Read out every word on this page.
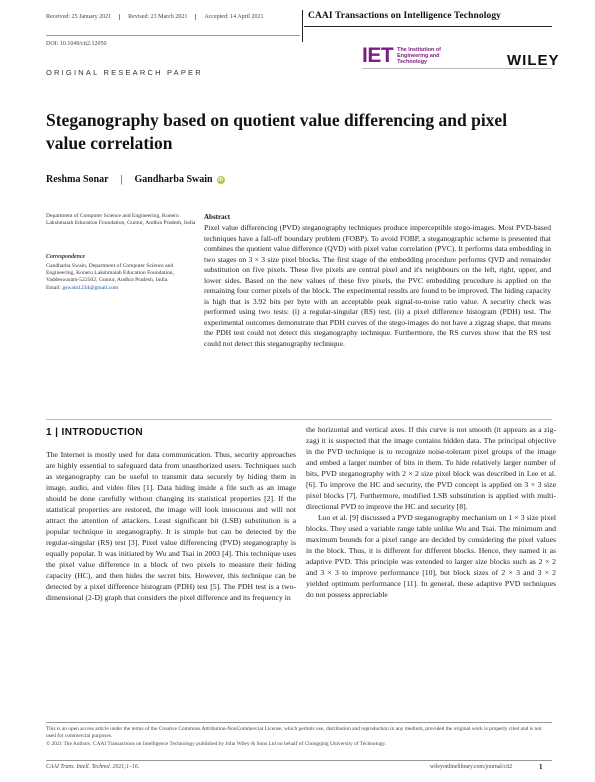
Received: 25 January 2021	Revised: 23 March 2021	Accepted: 14 April 2021
DOI: 10.1049/cit2.12050
CAAI Transactions on Intelligence Technology
IET The Institution of Engineering and Technology	WILEY
ORIGINAL RESEARCH PAPER
Steganography based on quotient value differencing and pixel value correlation
Reshma Sonar | Gandharba Swain	iD
Department of Computer Science and Engineering, Koneru Lakshmaiah Education Foundation, Guntur, Andhra Pradesh, India
Correspondence
Gandharba Swain, Department of Computer Science and Engineering, Koneru Lakshmaiah Education Foundation, Vaddeswaram-522502, Guntur, Andhra Pradesh, India.
Email: gswain1234@gmail.com
Abstract
Pixel value differencing (PVD) steganography techniques produce imperceptible stego-images. Most PVD-based techniques have a fall-off boundary problem (FOBP). To avoid FOBP, a steganographic scheme is presented that combines the quotient value difference (QVD) with pixel value correlation (PVC). It performs data embedding in two stages on 3 × 3 size pixel blocks. The first stage of the embedding procedure performs QVD and remainder substitution on five pixels. These five pixels are central pixel and it's neighbours on the left, right, upper, and lower sides. Based on the new values of these five pixels, the PVC embedding procedure is applied on the remaining four corner pixels of the block. The experimental results are found to be improved. The hiding capacity is high that is 3.92 bits per byte with an acceptable peak signal-to-noise ratio value. A security check was performed using two tests: (i) a regular-singular (RS) test, (ii) a pixel difference histogram (PDH) test. The experimental outcomes demonstrate that PDH curves of the stego-images do not have a zigzag shape, that means the PDH test could not detect this steganography technique. Furthermore, the RS curves show that the RS test could not detect this steganography technique.
1 | INTRODUCTION

The Internet is mostly used for data communication. Thus, security approaches are highly essential to safeguard data from unauthorized users. Techniques such as steganography can be useful to transmit data securely by hiding them in image, audio, and video files [1]. Data hiding inside a file such as an image should be done carefully without changing its statistical properties [2]. If the statistical properties are restored, the image will look innocuous and will not attract the attention of attackers. Least significant bit (LSB) substitution is a popular technique in steganography. It is simple but can be detected by the regular-singular (RS) test [3]. Pixel value differencing (PVD) steganography is equally popular. It was initiated by Wu and Tsai in 2003 [4]. This technique uses the pixel value difference in a block of two pixels to measure their hiding capacity (HC), and then hides the secret bits. However, this technique can be detected by a pixel difference histogram (PDH) test [5]. The PDH test is a two-dimensional (2-D) graph that considers the pixel difference and its frequency in

the horizontal and vertical axes. If this curve is not smooth (it appears as a zig-zag) it is suspected that the image contains hidden data. The principal objective in the PVD technique is to recognize noise-tolerant pixel groups of the image and embed a larger number of bits in them. To hide relatively larger number of bits, PVD steganography with 2 × 2 size pixel block was described in Lee et al. [6]. To improve the HC and security, the PVD concept is applied on 3 × 3 size pixel blocks [7]. Furthermore, modified LSB substitution is applied with multi-directional PVD to improve the HC and security [8].

Luo et al. [9] discussed a PVD steganography mechanism on 1 × 3 size pixel blocks. They used a variable range table unlike Wu and Tsai. The minimum and maximum bounds for a pixel range are decided by considering the pixel values in the block. Thus, it is different for different blocks. Hence, they named it as adaptive PVD. This principle was extended to larger size blocks such as 2 × 2 and 3 × 3 to improve performance [10], but block sizes of 2 × 3 and 3 × 2 yielded optimum performance [11]. In general, these adaptive PVD techniques do not possess appreciable

This is an open access article under the terms of the Creative Commons Attribution-NonCommercial License, which permits use, distribution and reproduction in any medium, provided the original work is properly cited and is not used for commercial purposes.
© 2021 The Authors. CAAI Transactions on Intelligence Technology published by John Wiley & Sons Ltd on behalf of Chongqing University of Technology.
CAAI Trans. Intell. Technol. 2021;1–16.	wileyonlinelibrary.com/journal/cit2	1
